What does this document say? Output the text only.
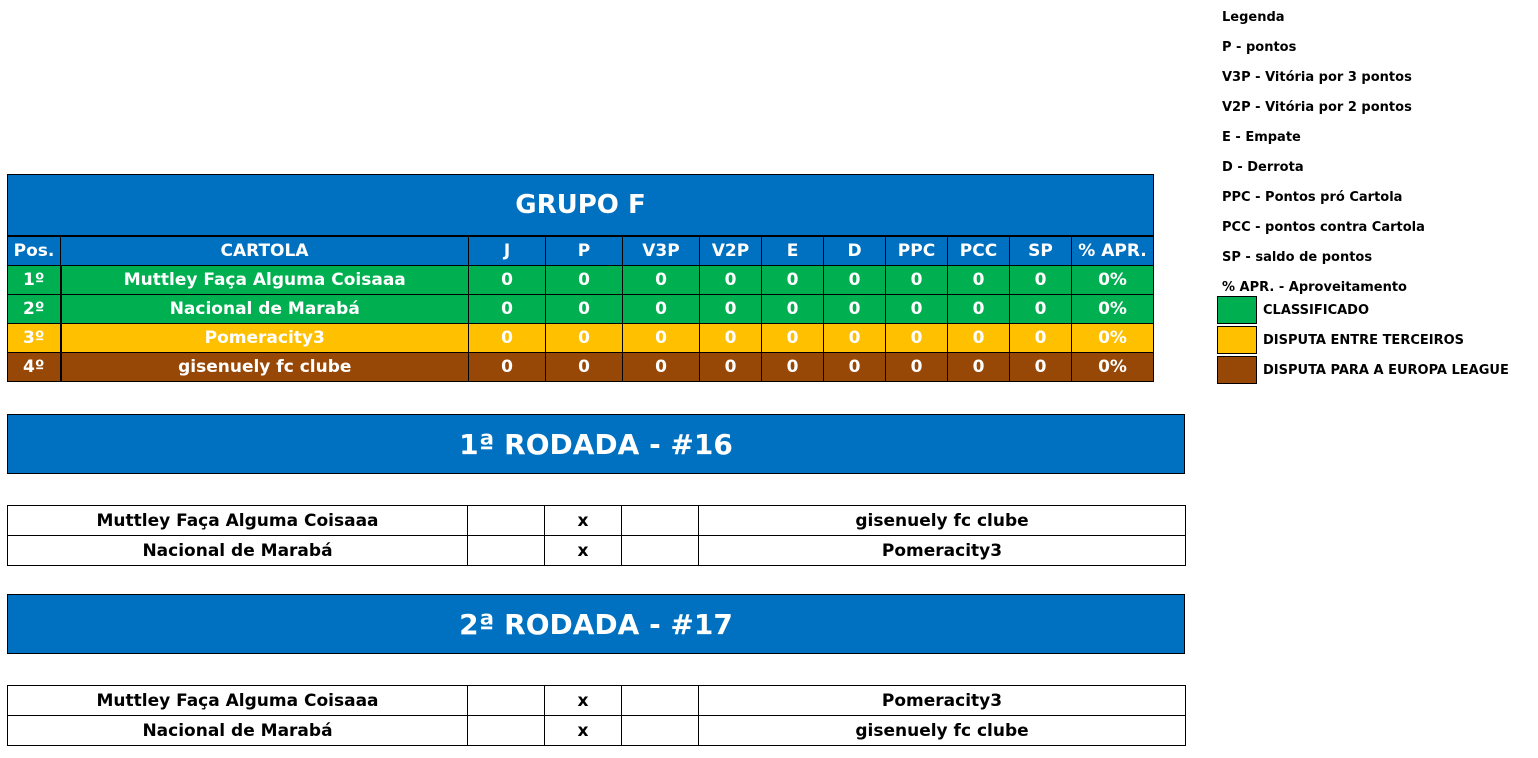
GRUPO F											
Pos.	CARTOLA	J	P	V3P	V2P	E	D	PPC	PCC	SP	% APR.
1º	Muttley Faça Alguma Coisaaa	0	0	0	0	0	0	0	0	0	0%
2º	Nacional de Marabá	0	0	0	0	0	0	0	0	0	0%
3º	Pomeracity3	0	0	0	0	0	0	0	0	0	0%
4º	gisenuely fc clube	0	0	0	0	0	0	0	0	0	0%
1ª RODADA - #16
Muttley Faça Alguma Coisaaa		x		gisenuely fc clube
Nacional de Marabá		x		Pomeracity3
2ª RODADA - #17
Muttley Faça Alguma Coisaaa		x		Pomeracity3
Nacional de Marabá		x		gisenuely fc clube
Legenda
P - pontos
V3P - Vitória por 3 pontos
V2P - Vitória por 2 pontos
E - Empate
D - Derrota
PPC - Pontos pró Cartola
PCC - pontos contra Cartola
SP - saldo de pontos
% APR. - Aproveitamento
CLASSIFICADO
DISPUTA ENTRE TERCEIROS
DISPUTA PARA A EUROPA LEAGUE
